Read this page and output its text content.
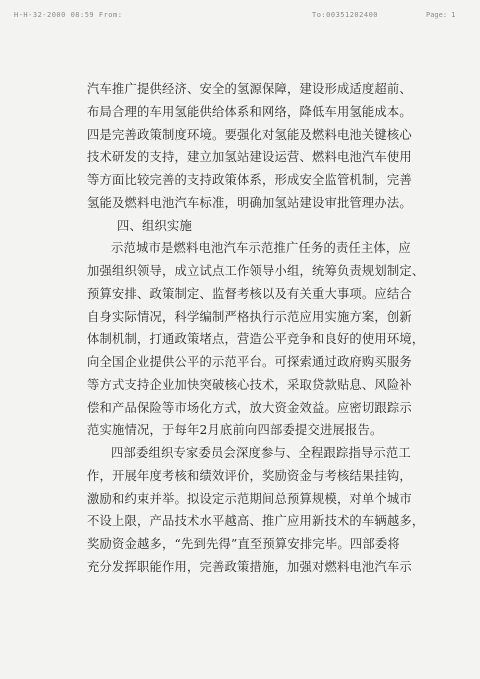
H-H-32-2000 08:59 From:	To:00351202400	Page: 1
汽车推广提供经济、安全的氢源保障，建设形成适度超前、
布局合理的车用氢能供给体系和网络，降低车用氢能成本。
四是完善政策制度环境。要强化对氢能及燃料电池关键核心
技术研发的支持，建立加氢站建设运营、燃料电池汽车使用
等方面比较完善的支持政策体系，形成安全监管机制，完善
氢能及燃料电池汽车标准，明确加氢站建设审批管理办法。
四、组织实施
示范城市是燃料电池汽车示范推广任务的责任主体，应
加强组织领导，成立试点工作领导小组，统筹负责规划制定、
预算安排、政策制定、监督考核以及有关重大事项。应结合
自身实际情况，科学编制严格执行示范应用实施方案，创新
体制机制，打通政策堵点，营造公平竞争和良好的使用环境，
向全国企业提供公平的示范平台。可探索通过政府购买服务
等方式支持企业加快突破核心技术，采取贷款贴息、风险补
偿和产品保险等市场化方式，放大资金效益。应密切跟踪示
范实施情况，于每年2月底前向四部委提交进展报告。
四部委组织专家委员会深度参与、全程跟踪指导示范工
作，开展年度考核和绩效评价，奖励资金与考核结果挂钩，
激励和约束并举。拟设定示范期间总预算规模，对单个城市
不设上限，产品技术水平越高、推广应用新技术的车辆越多，
奖励资金越多，“先到先得”直至预算安排完毕。四部委将
充分发挥职能作用，完善政策措施，加强对燃料电池汽车示
